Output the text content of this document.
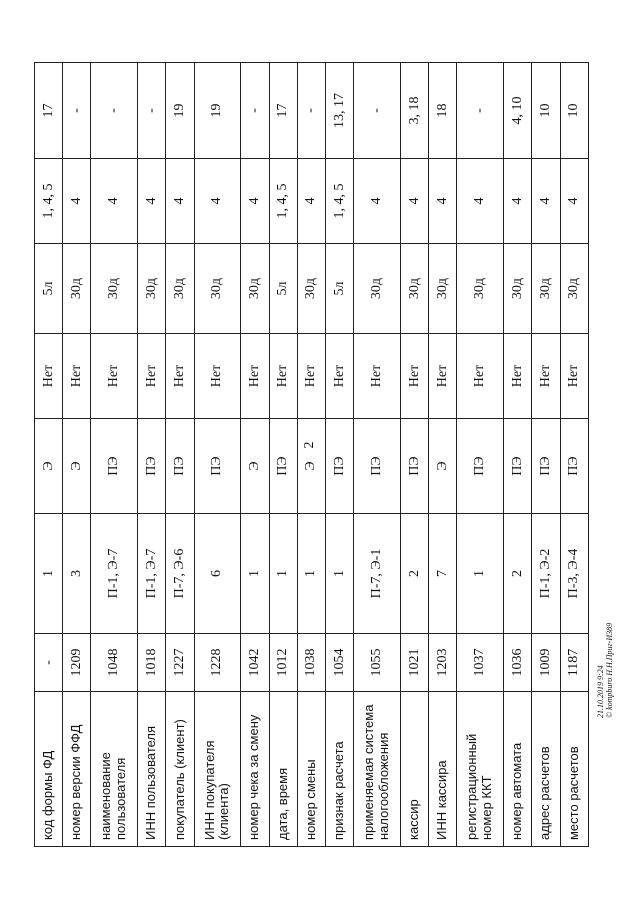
2
код формы ФД	-	1	Э	Нет	5л	1, 4, 5	17
номер версии ФФД	1209	3	Э	Нет	30д	4	-
наименование пользователя	1048	П-1, Э-7	ПЭ	Нет	30д	4	-
ИНН пользователя	1018	П-1, Э-7	ПЭ	Нет	30д	4	-
покупатель (клиент)	1227	П-7, Э-6	ПЭ	Нет	30д	4	19
ИНН покупателя (клиента)	1228	6	ПЭ	Нет	30д	4	19
номер чека за смену	1042	1	Э	Нет	30д	4	-
дата, время	1012	1	ПЭ	Нет	5л	1, 4, 5	17
номер смены	1038	1	Э	Нет	30д	4	-
признак расчета	1054	1	ПЭ	Нет	5л	1, 4, 5	13, 17
применяемая система налогообложения	1055	П-7, Э-1	ПЭ	Нет	30д	4	-
кассир	1021	2	ПЭ	Нет	30д	4	3, 18
ИНН кассира	1203	7	Э	Нет	30д	4	18
регистрационный номер ККТ	1037	1	ПЭ	Нет	30д	4	-
номер автомата	1036	2	ПЭ	Нет	30д	4	4, 10
адрес расчетов	1009	П-1, Э-2	ПЭ	Нет	30д	4	10
место расчетов	1187	П-3, Э-4	ПЭ	Нет	30д	4	10
21.10.2019 9:24 © kompburo Н.Н.Приг-И389
